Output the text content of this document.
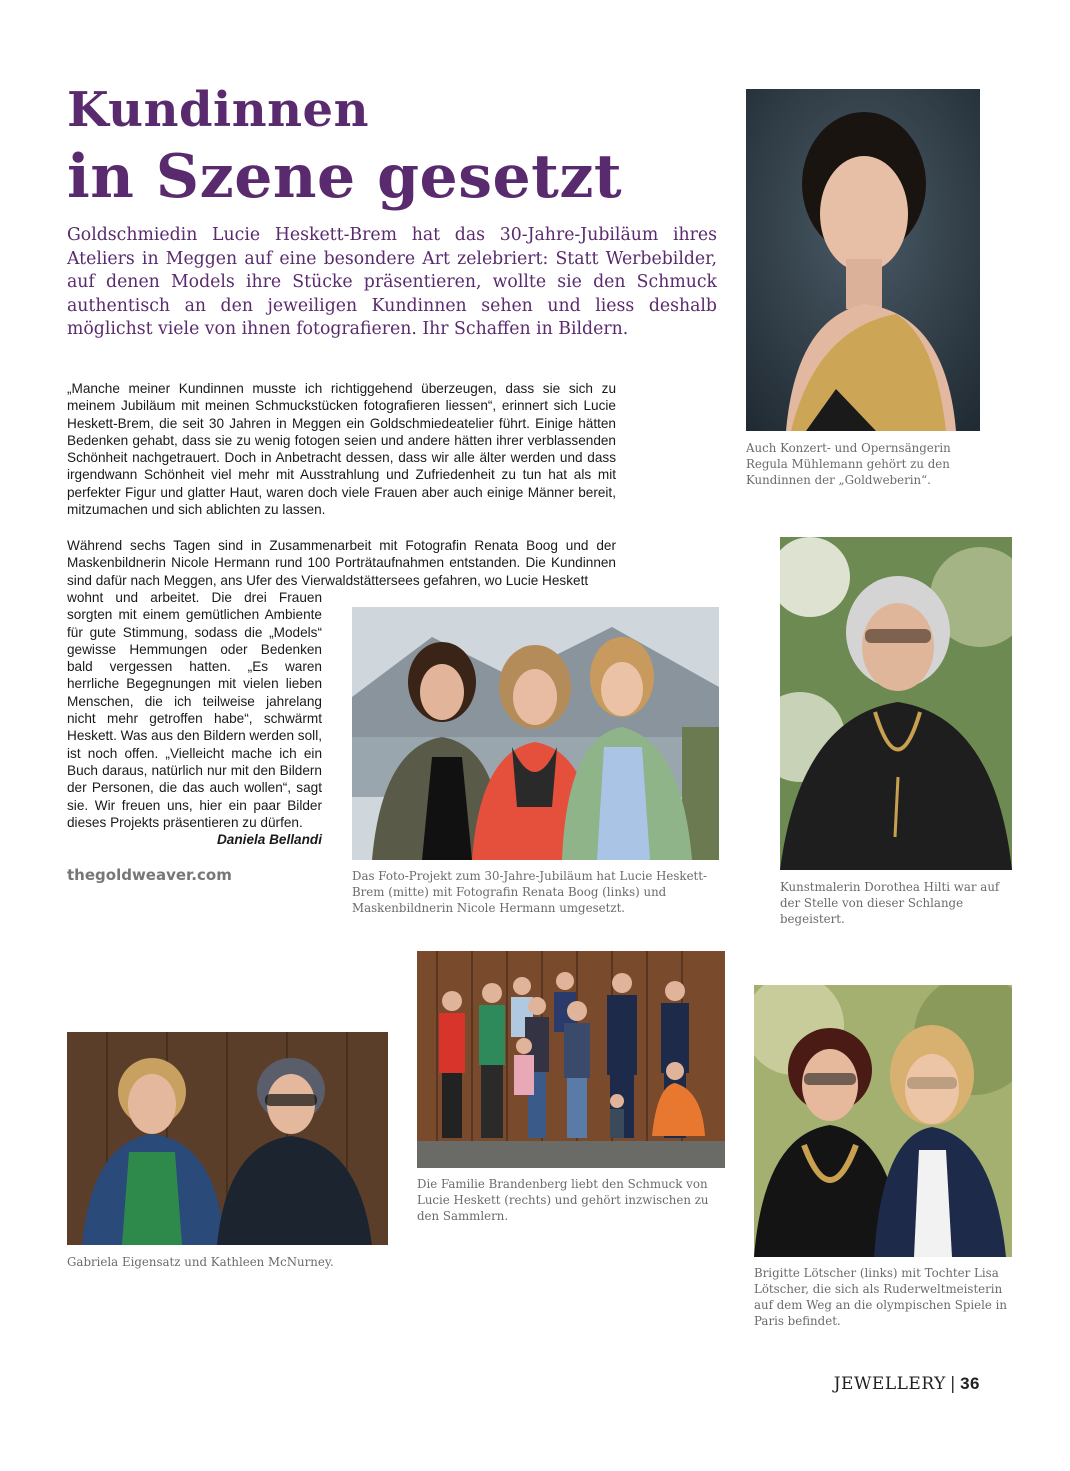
Kundinnen
in Szene gesetzt
Goldschmiedin Lucie Heskett-Brem hat das 30-Jahre-Jubiläum ihres Ateliers in Meggen auf eine besondere Art zelebriert: Statt Werbebilder, auf denen Models ihre Stücke präsentieren, wollte sie den Schmuck authentisch an den jeweiligen Kundinnen sehen und liess deshalb möglichst viele von ihnen fotografieren. Ihr Schaffen in Bildern.
„Manche meiner Kundinnen musste ich richtiggehend überzeugen, dass sie sich zu meinem Jubiläum mit meinen Schmuckstücken fotografieren liessen“, erinnert sich Lucie Heskett-Brem, die seit 30 Jahren in Meggen ein Goldschmiedeatelier führt. Einige hätten Bedenken gehabt, dass sie zu wenig fotogen seien und andere hätten ihrer verblassenden Schönheit nachgetrauert. Doch in Anbetracht dessen, dass wir alle älter werden und dass irgendwann Schönheit viel mehr mit Ausstrahlung und Zufriedenheit zu tun hat als mit perfekter Figur und glatter Haut, waren doch viele Frauen aber auch einige Männer bereit, mitzumachen und sich ablichten zu lassen.
Während sechs Tagen sind in Zusammenarbeit mit Fotografin Renata Boog und der Maskenbildnerin Nicole Hermann rund 100 Porträtaufnahmen entstanden. Die Kundinnen sind dafür nach Meggen, ans Ufer des Vierwaldstättersees gefahren, wo Lucie Heskett
wohnt und arbeitet. Die drei Frauen sorgten mit einem gemütlichen Ambiente für gute Stimmung, sodass die „Models“ gewisse Hemmungen oder Bedenken bald vergessen hatten. „Es waren herrliche Begegnungen mit vielen lieben Menschen, die ich teilweise jahrelang nicht mehr getroffen habe“, schwärmt Heskett. Was aus den Bildern werden soll, ist noch offen. „Vielleicht mache ich ein Buch daraus, natürlich nur mit den Bildern der Personen, die das auch wollen“, sagt sie. Wir freuen uns, hier ein paar Bilder dieses Projekts präsentieren zu dürfen.
Daniela Bellandi
thegoldweaver.com
Auch Konzert- und Opernsängerin Regula Mühlemann gehört zu den Kundinnen der „Goldweberin“.
Das Foto-Projekt zum 30-Jahre-Jubiläum hat Lucie Heskett-Brem (mitte) mit Fotografin Renata Boog (links) und Maskenbildnerin Nicole Hermann umgesetzt.
Kunstmalerin Dorothea Hilti war auf der Stelle von dieser Schlange begeistert.
Die Familie Brandenberg liebt den Schmuck von Lucie Heskett (rechts) und gehört inzwischen zu den Sammlern.
Gabriela Eigensatz und Kathleen McNurney.
Brigitte Lötscher (links) mit Tochter Lisa Lötscher, die sich als Ruderweltmeisterin auf dem Weg an die olympischen Spiele in Paris befindet.
JEWELLERY | 36
